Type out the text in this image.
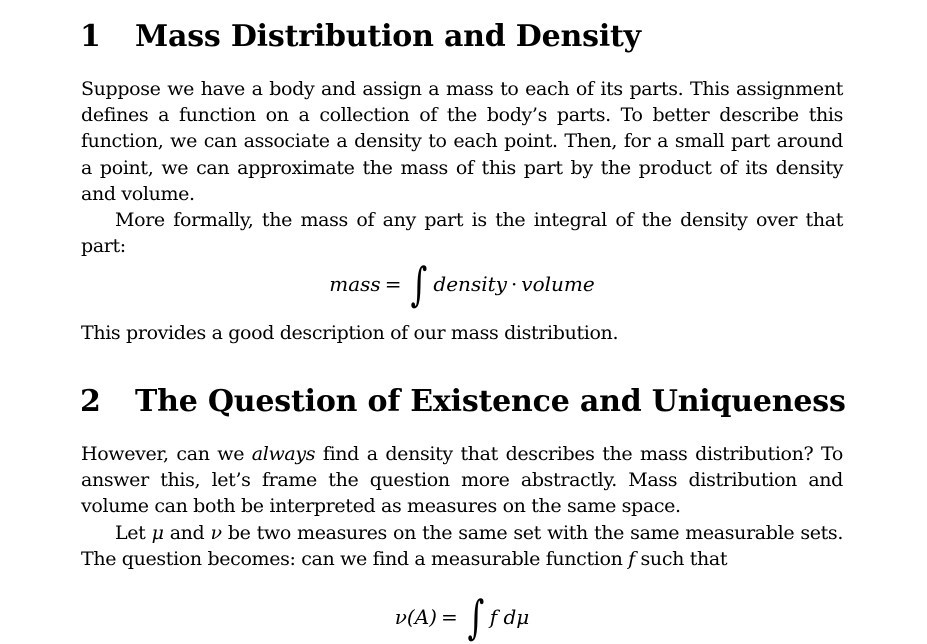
1 Mass Distribution and Density

Suppose we have a body and assign a mass to each of its parts. This assignment defines a function on a collection of the body’s parts. To better describe this function, we can associate a density to each point. Then, for a small part around a point, we can approximate the mass of this part by the product of its density and volume.

More formally, the mass of any part is the integral of the density over that part:

mass = ∫ density · volume

This provides a good description of our mass distribution.

2 The Question of Existence and Uniqueness

However, can we always find a density that describes the mass distribution? To answer this, let’s frame the question more abstractly. Mass distribution and volume can both be interpreted as measures on the same space.

Let μ and ν be two measures on the same set with the same measurable sets. The question becomes: can we find a measurable function f such that

ν(A) = ∫ f dμ
